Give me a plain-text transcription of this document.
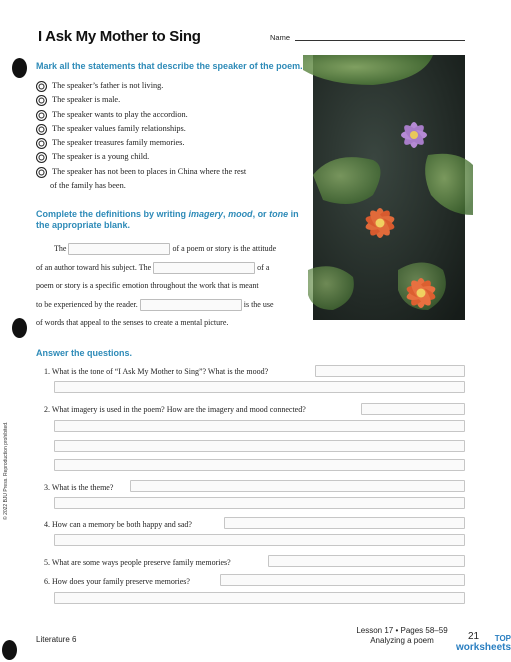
I Ask My Mother to Sing	Name
Mark all the statements that describe the speaker of the poem.
The speaker’s father is not living.
The speaker is male.
The speaker wants to play the accordion.
The speaker values family relationships.
The speaker treasures family memories.
The speaker is a young child.
The speaker has not been to places in China where the rest
of the family has been.
Complete the definitions by writing imagery, mood, or tone in the appropriate blank.
The	of a poem or story is the attitude
of an author toward his subject. The	of a
poem or story is a specific emotion throughout the work that is meant
to be experienced by the reader.	is the use
of words that appeal to the senses to create a mental picture.
Answer the questions.
1. What is the tone of “I Ask My Mother to Sing”? What is the mood?
2. What imagery is used in the poem? How are the imagery and mood connected?
3. What is the theme?
4. How can a memory be both happy and sad?
5. What are some ways people preserve family memories?
6. How does your family preserve memories?
© 2022 BJU Press. Reproduction prohibited.
Literature 6
Lesson 17 • Pages 58–59
Analyzing a poem	21	TOP
worksheets
